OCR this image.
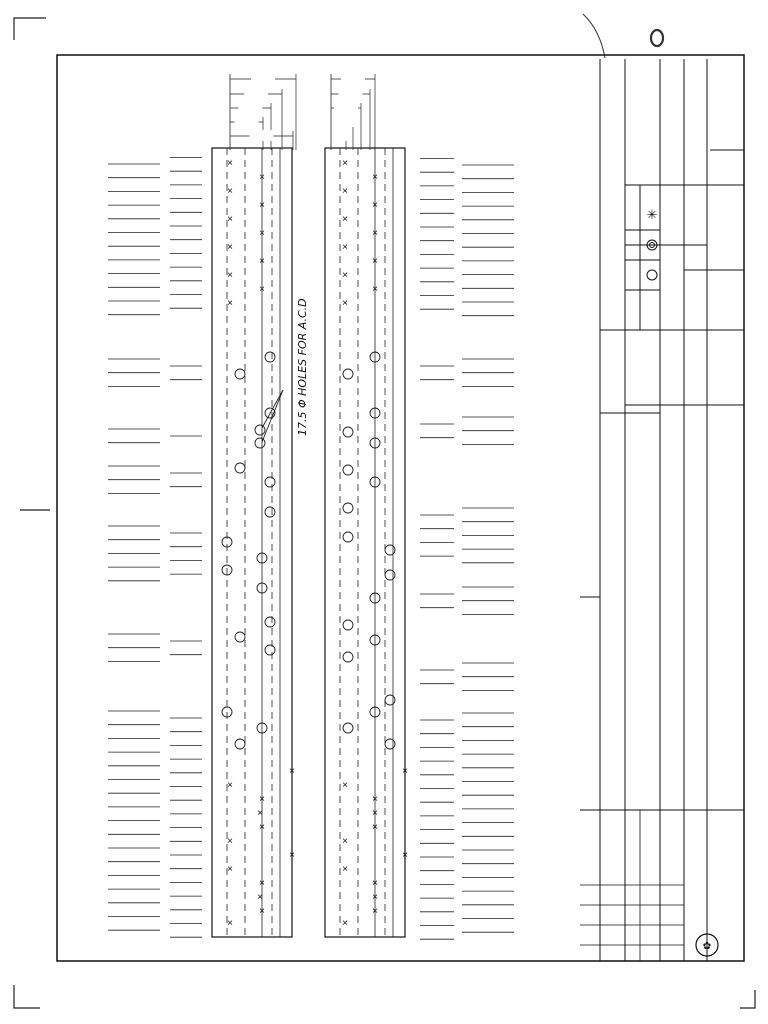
×
×
×
×
×
×
×
×
×
×
×
×
×
×
×
×
×
×
×
×
×
×
×
×
×
×
×
×
×
×
×
×
×
×
×
×
×
×
×
×
×
×
×
×
×
×
17.5 Φ HOLES FOR A.C.D
✳
✿
